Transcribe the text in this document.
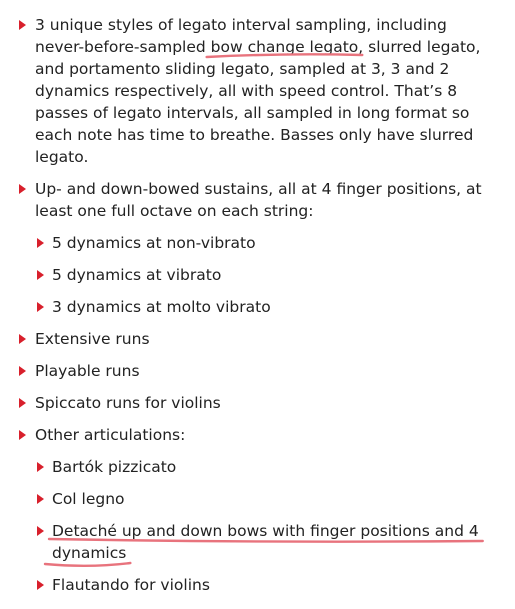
3 unique styles of legato interval sampling, including
never-before-sampled bow change legato, slurred legato,
and portamento sliding legato, sampled at 3, 3 and 2
dynamics respectively, all with speed control. That’s 8
passes of legato intervals, all sampled in long format so
each note has time to breathe. Basses only have slurred
legato.
Up- and down-bowed sustains, all at 4 finger positions, at
least one full octave on each string:
5 dynamics at non-vibrato
5 dynamics at vibrato
3 dynamics at molto vibrato
Extensive runs
Playable runs
Spiccato runs for violins
Other articulations:
Bartók pizzicato
Col legno
Detaché up and down bows with finger positions and 4
dynamics
Flautando for violins
